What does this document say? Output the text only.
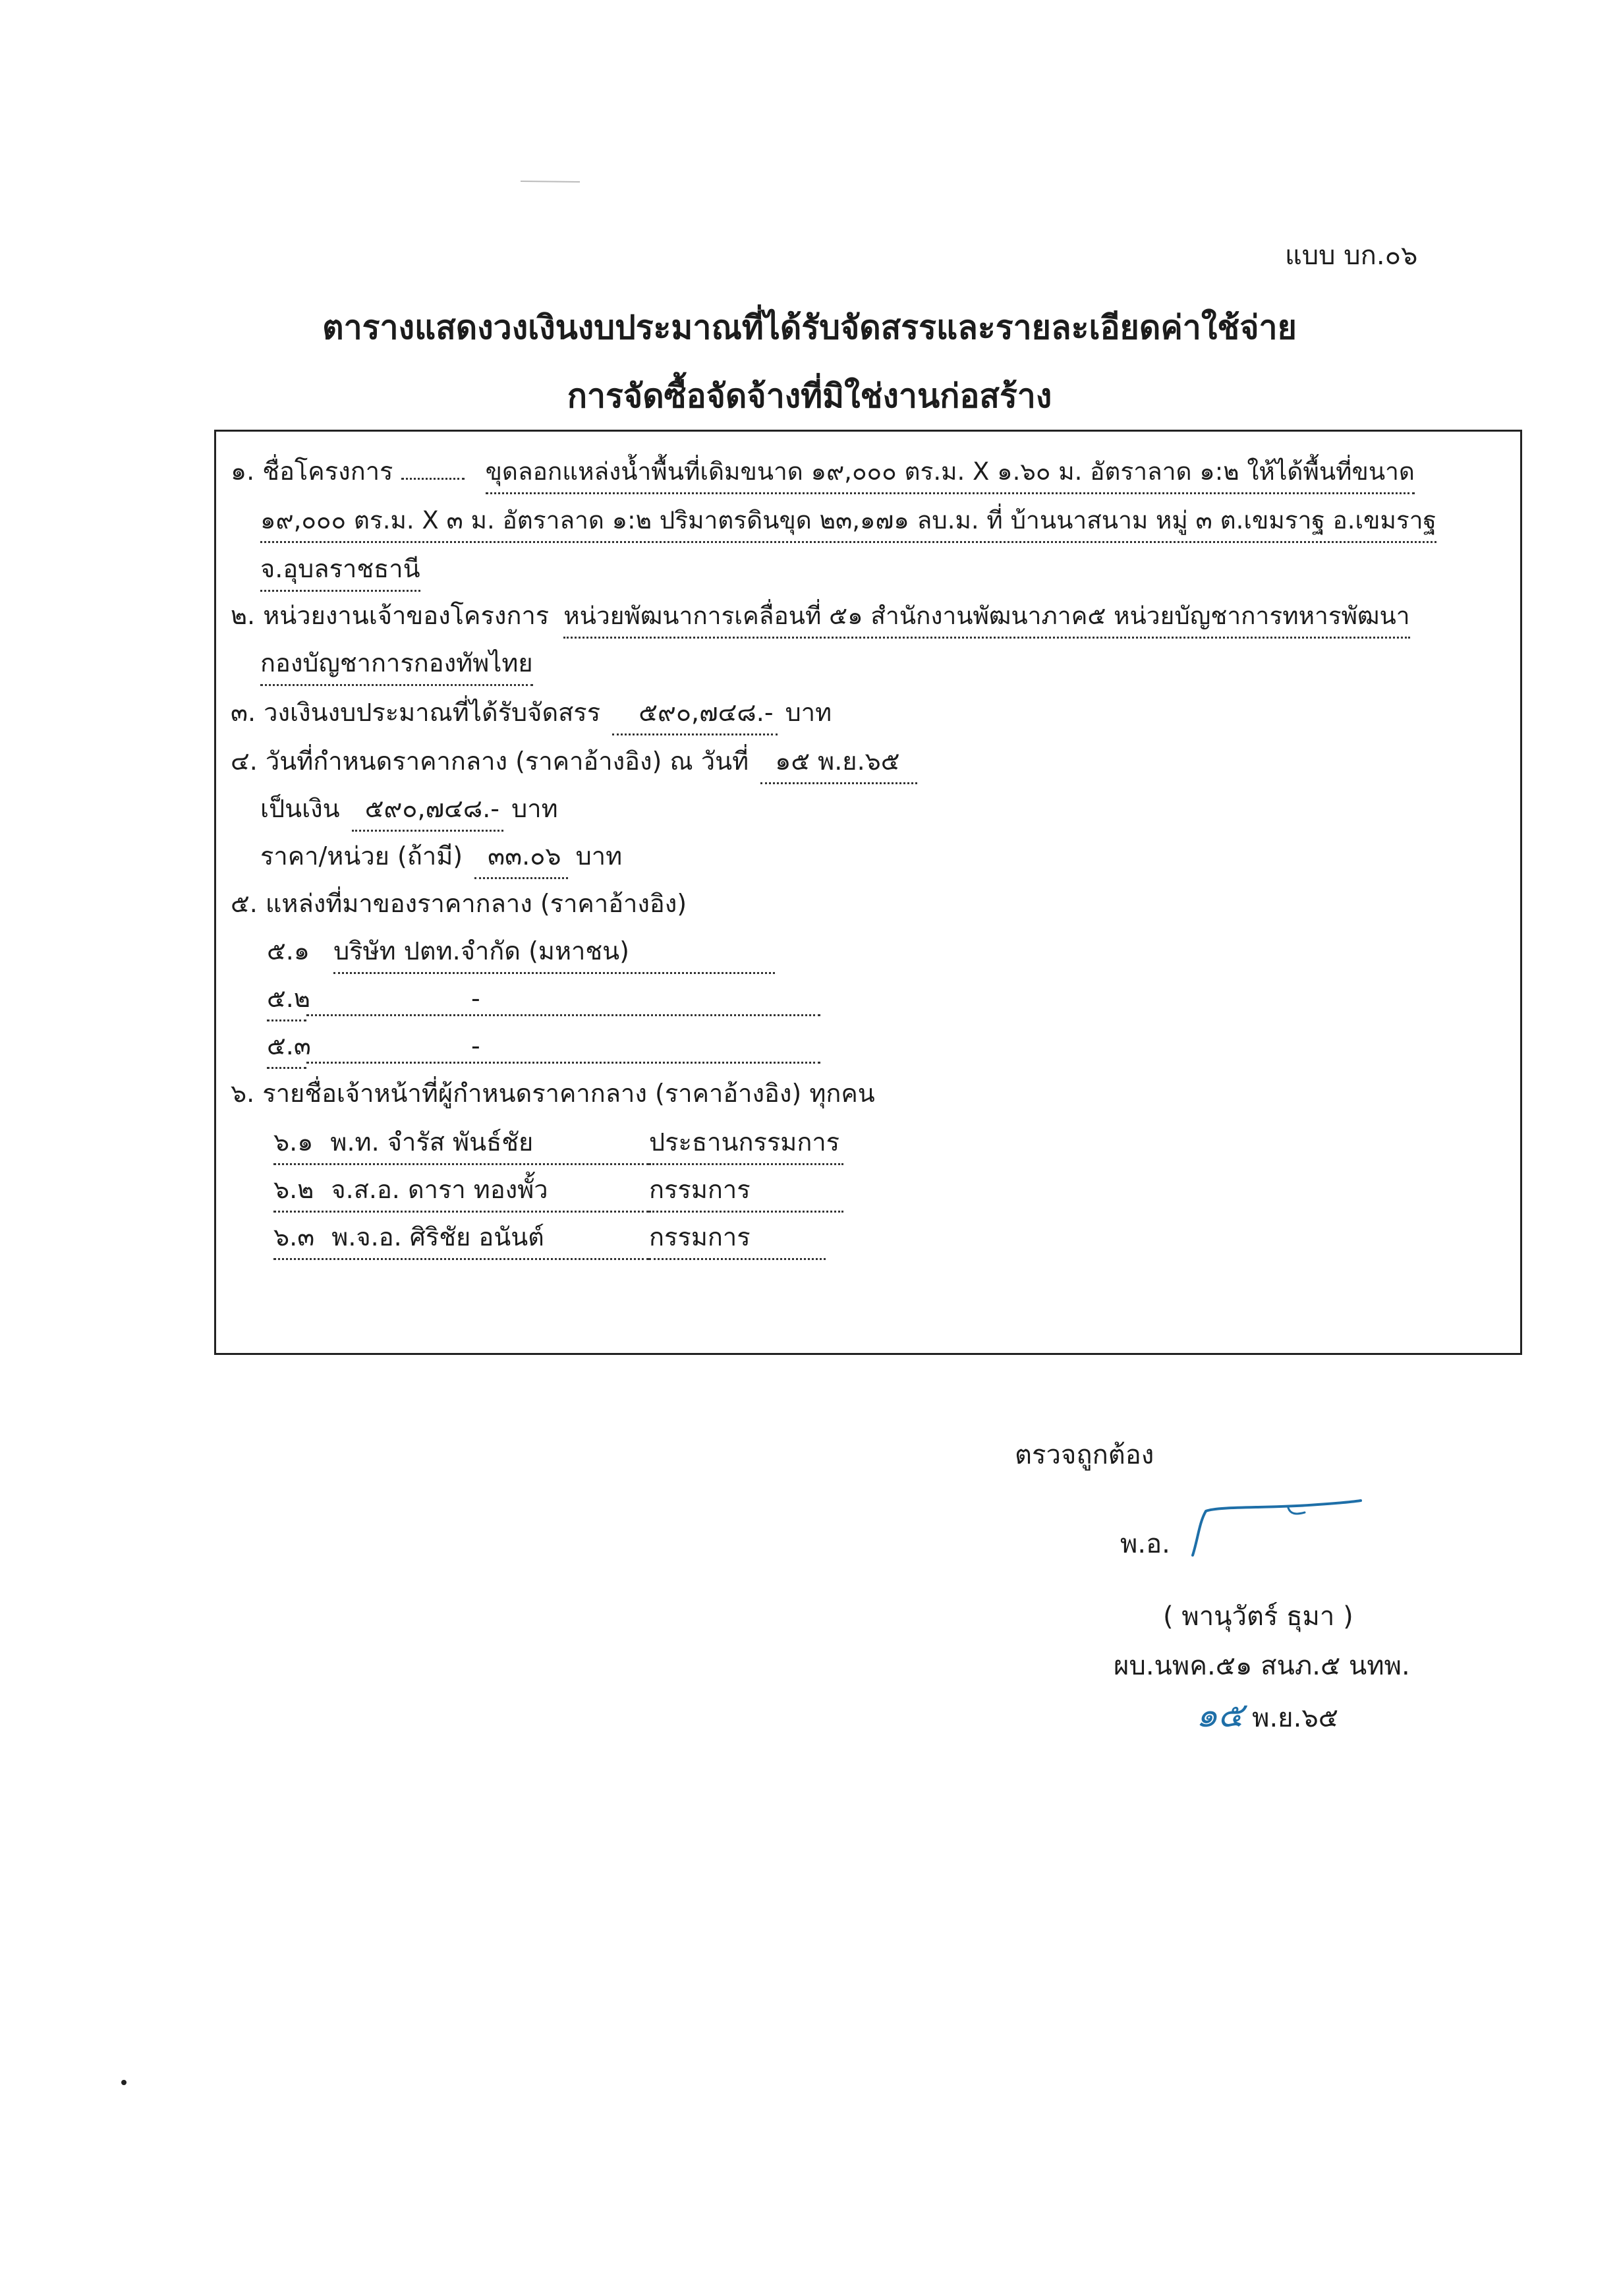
แบบ บก.๐๖
ตารางแสดงวงเงินงบประมาณที่ได้รับจัดสรรและรายละเอียดค่าใช้จ่าย
การจัดซื้อจัดจ้างที่มิใช่งานก่อสร้าง
๑. ชื่อโครงการ	ขุดลอกแหล่งน้ำพื้นที่เดิมขนาด ๑๙,๐๐๐ ตร.ม. X ๑.๖๐ ม. อัตราลาด ๑:๒ ให้ได้พื้นที่ขนาด
๑๙,๐๐๐ ตร.ม. X ๓ ม. อัตราลาด ๑:๒ ปริมาตรดินขุด ๒๓,๑๗๑ ลบ.ม. ที่ บ้านนาสนาม หมู่ ๓ ต.เขมราฐ อ.เขมราฐ
จ.อุบลราชธานี
๒. หน่วยงานเจ้าของโครงการ หน่วยพัฒนาการเคลื่อนที่ ๕๑ สำนักงานพัฒนาภาค๕ หน่วยบัญชาการทหารพัฒนา
กองบัญชาการกองทัพไทย
๓. วงเงินงบประมาณที่ได้รับจัดสรร ๕๙๐,๗๔๘.- บาท
๔. วันที่กำหนดราคากลาง (ราคาอ้างอิง) ณ วันที่ ๑๕ พ.ย.๖๕
เป็นเงิน ๕๙๐,๗๔๘.- บาท
ราคา/หน่วย (ถ้ามี) ๓๓.๐๖ บาท
๕. แหล่งที่มาของราคากลาง (ราคาอ้างอิง)
๕.๑ บริษัท ปตท.จำกัด (มหาชน)
๕.๒	-
๕.๓	-
๖. รายชื่อเจ้าหน้าที่ผู้กำหนดราคากลาง (ราคาอ้างอิง) ทุกคน
๖.๑ พ.ท. จำรัส พันธ์ชัย	ประธานกรรมการ
๖.๒ จ.ส.อ. ดารา ทองพั้ว	กรรมการ
๖.๓ พ.จ.อ. ศิริชัย อนันต์	กรรมการ
ตรวจถูกต้อง
พ.อ.
( พานุวัตร์ ธุมา )
ผบ.นพค.๕๑ สนภ.๕ นทพ.
๑๕ พ.ย.๖๕
